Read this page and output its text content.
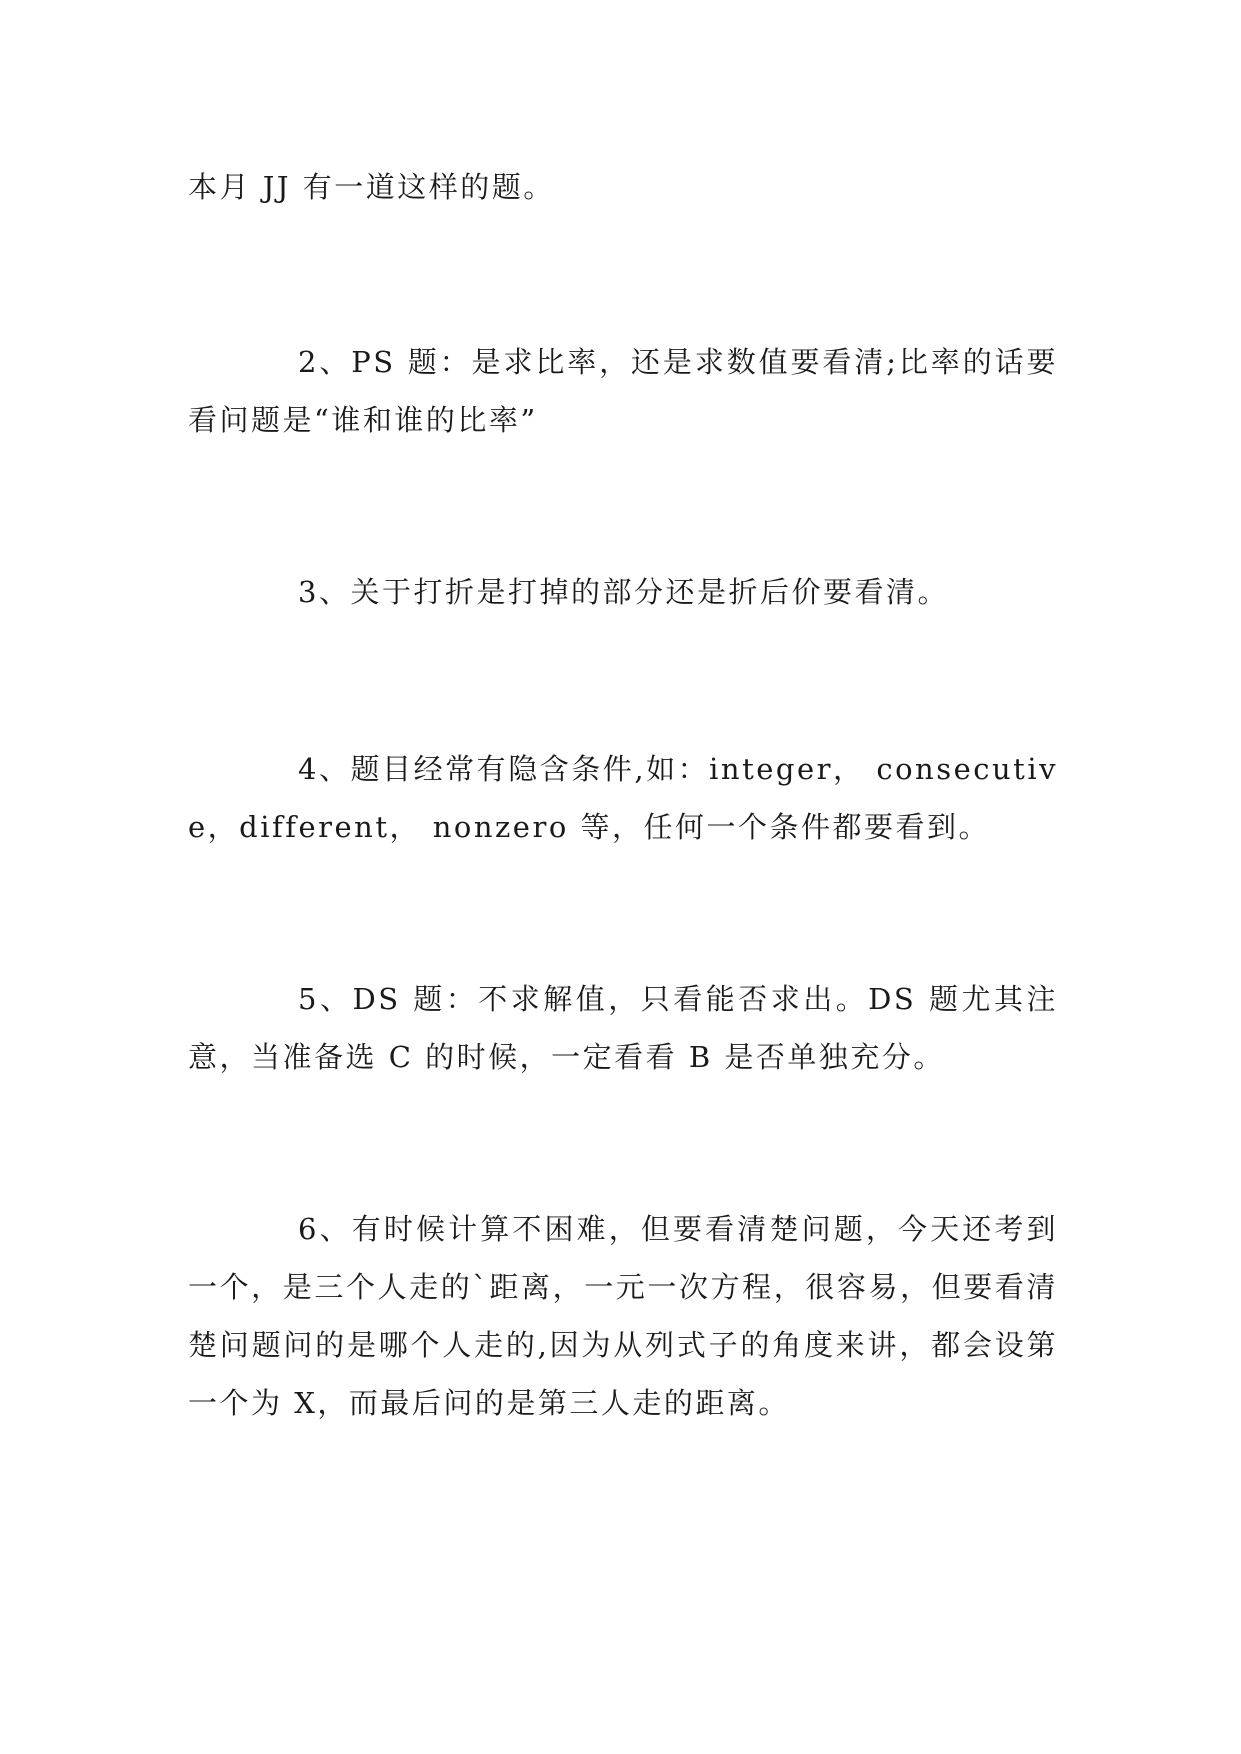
本月 JJ 有一道这样的题。

2、PS 题：是求比率，还是求数值要看清;比率的话要看问题是“谁和谁的比率”

3、关于打折是打掉的部分还是折后价要看清。

4、题目经常有隐含条件,如：integer， consecutive，different， nonzero 等，任何一个条件都要看到。

5、DS 题：不求解值，只看能否求出。DS 题尤其注意，当准备选 C 的时候，一定看看 B 是否单独充分。

6、有时候计算不困难，但要看清楚问题，今天还考到一个，是三个人走的`距离，一元一次方程，很容易，但要看清楚问题问的是哪个人走的,因为从列式子的角度来讲，都会设第一个为 X，而最后问的是第三人走的距离。
